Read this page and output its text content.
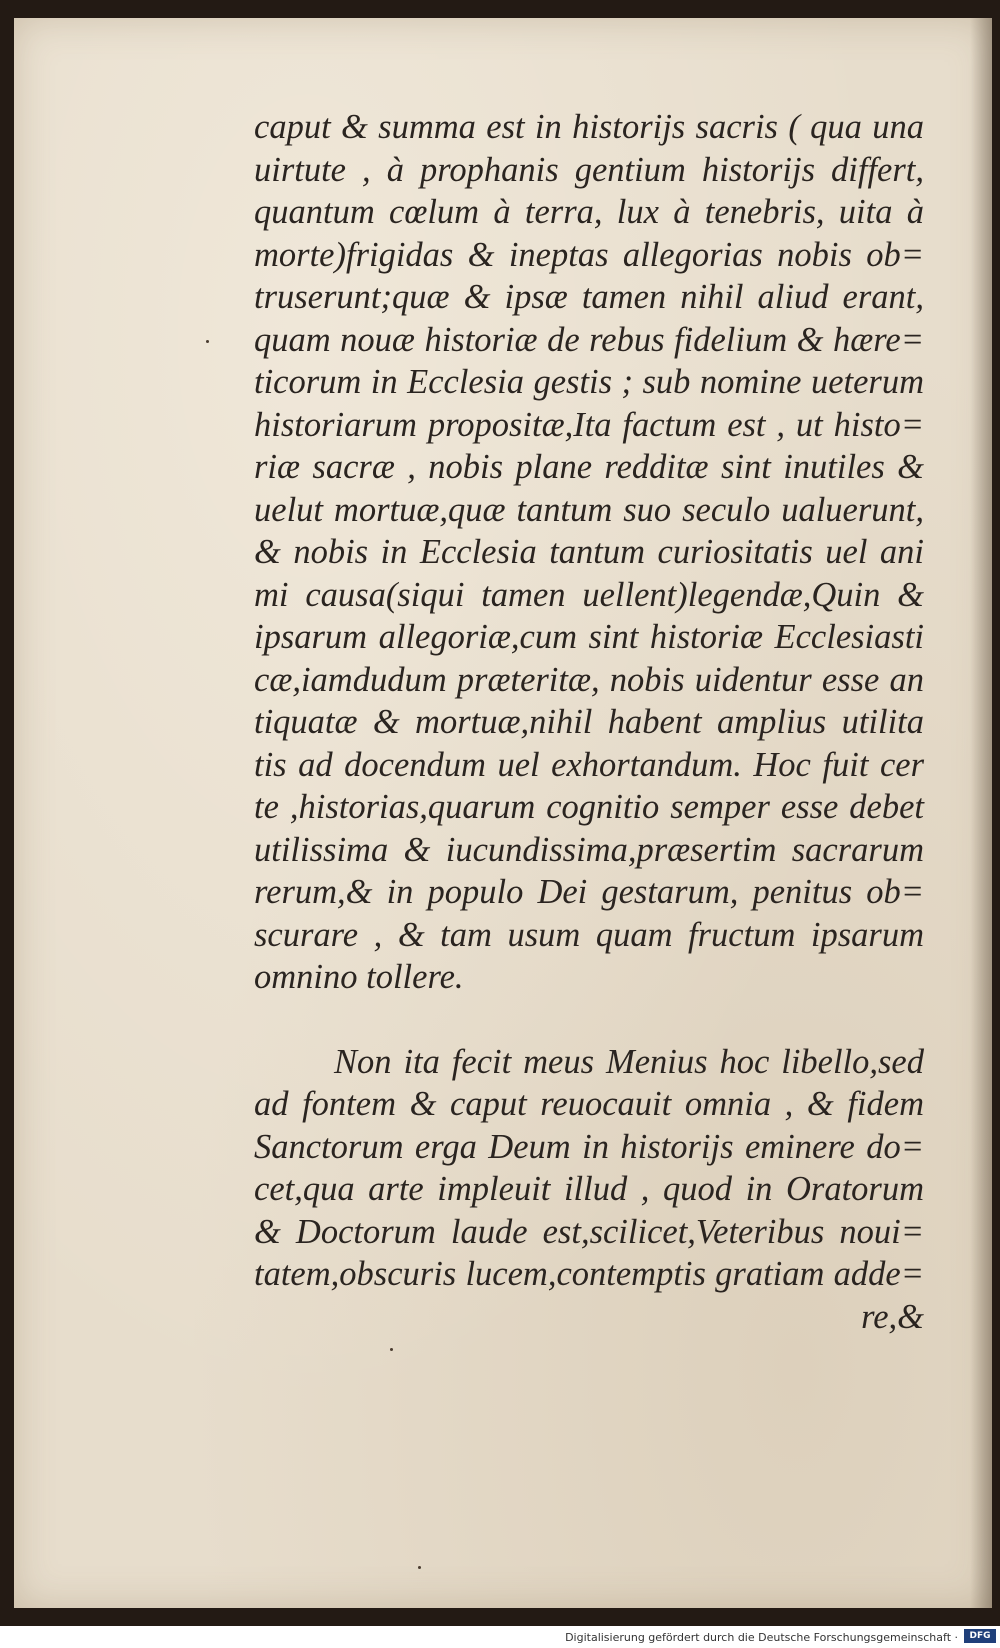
caput & summa est in historijs sacris ( qua una
uirtute , à prophanis gentium historijs differt,
quantum cœlum à terra, lux à tenebris, uita à
morte)frigidas & ineptas allegorias nobis ob=
truserunt;quæ & ipsæ tamen nihil aliud erant,
quam nouæ historiæ de rebus fidelium & hære=
ticorum in Ecclesia gestis ; sub nomine ueterum
historiarum propositæ,Ita factum est , ut histo=
riæ sacræ , nobis plane redditæ sint inutiles &
uelut mortuæ,quæ tantum suo seculo ualuerunt,
& nobis in Ecclesia tantum curiositatis uel ani
mi causa(siqui tamen uellent)legendæ,Quin &
ipsarum allegoriæ,cum sint historiæ Ecclesiasti
cæ,iamdudum præteritæ, nobis uidentur esse an
tiquatæ & mortuæ,nihil habent amplius utilita
tis ad docendum uel exhortandum. Hoc fuit cer
te ,historias,quarum cognitio semper esse debet
utilissima & iucundissima,præsertim sacrarum
rerum,& in populo Dei gestarum, penitus ob=
scurare , & tam usum quam fructum ipsarum
omnino tollere.
Non ita fecit meus Menius hoc libello,sed
ad fontem & caput reuocauit omnia , & fidem
Sanctorum erga Deum in historijs eminere do=
cet,qua arte impleuit illud , quod in Oratorum
& Doctorum laude est,scilicet,Veteribus noui=
tatem,obscuris lucem,contemptis gratiam adde=
re,&
Digitalisierung gefördert durch die Deutsche Forschungsgemeinschaft ·	DFG
